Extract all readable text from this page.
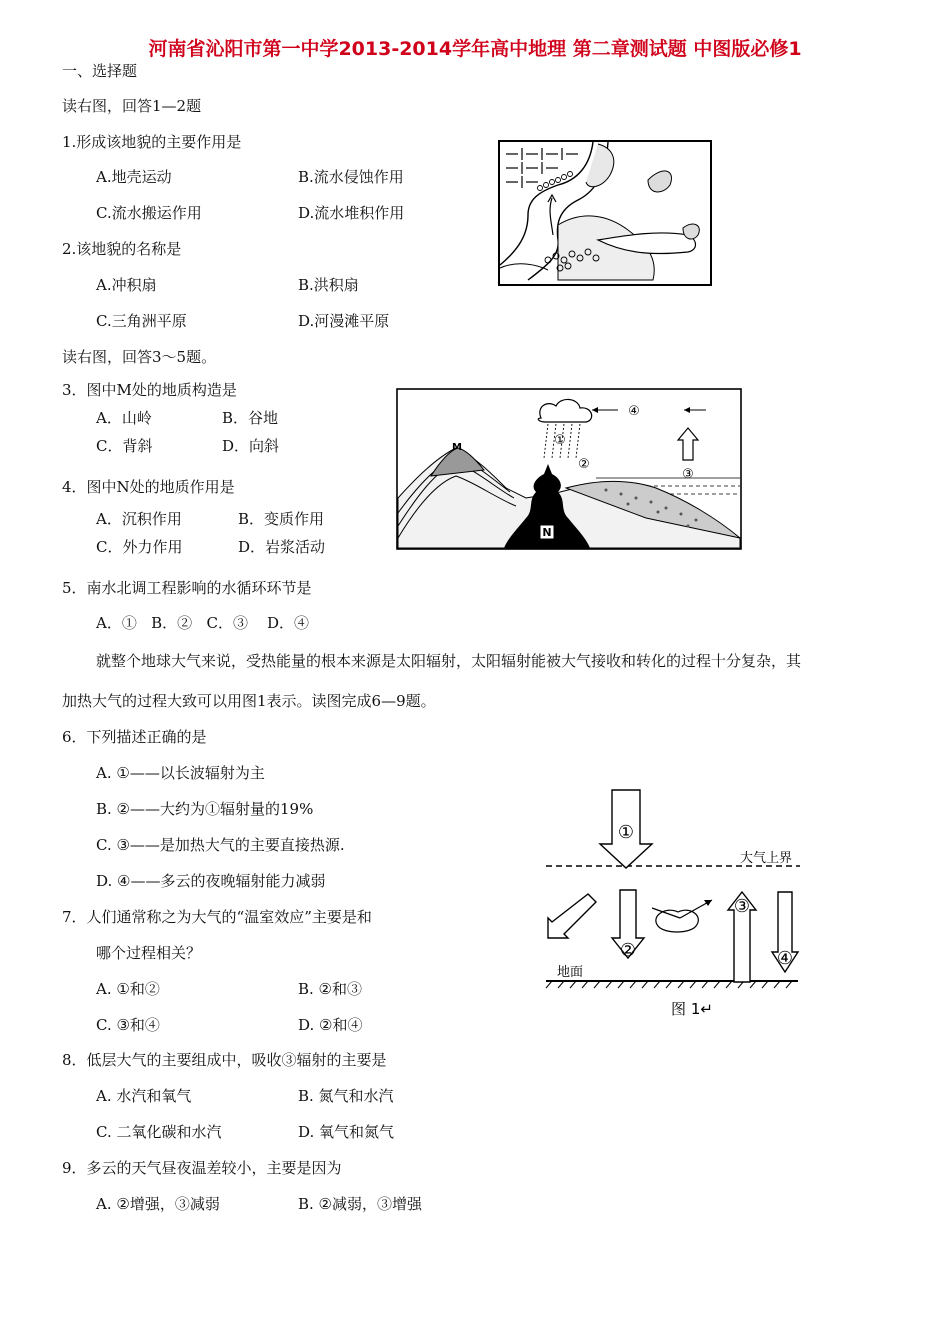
河南省沁阳市第一中学2013-2014学年高中地理 第二章测试题 中图版必修1
一、选择题
读右图，回答1—2题
1.形成该地貌的主要作用是
A.地壳运动	B.流水侵蚀作用
C.流水搬运作用	D.流水堆积作用
2.该地貌的名称是
A.冲积扇	B.洪积扇
C.三角洲平原	D.河漫滩平原
读右图，回答3～5题。
3．图中M处的地质构造是
A．山岭	B．谷地
C．背斜	D．向斜
4．图中N处的地质作用是
A．沉积作用	B．变质作用
C．外力作用	D．岩浆活动
5．南水北调工程影响的水循环环节是
A．①   B．②   C．③    D．④
就整个地球大气来说，受热能量的根本来源是太阳辐射，太阳辐射能被大气接收和转化的过程十分复杂，其
加热大气的过程大致可以用图1表示。读图完成6—9题。
6．下列描述正确的是
A. ①——以长波辐射为主
B. ②——大约为①辐射量的19%
C. ③——是加热大气的主要直接热源.
D. ④——多云的夜晚辐射能力减弱
7．人们通常称之为大气的“温室效应”主要是和
哪个过程相关？
A. ①和②	B. ②和③
C. ③和④	D. ②和④
8．低层大气的主要组成中，吸收③辐射的主要是
A. 水汽和氧气	B. 氮气和水汽
C. 二氧化碳和水汽	D. 氧气和氮气
9．多云的天气昼夜温差较小，主要是因为
A. ②增强，③减弱	B. ②减弱，③增强
N
M	①
②
③
④
大气上界
地面
①
②
③
④
图 1↵
